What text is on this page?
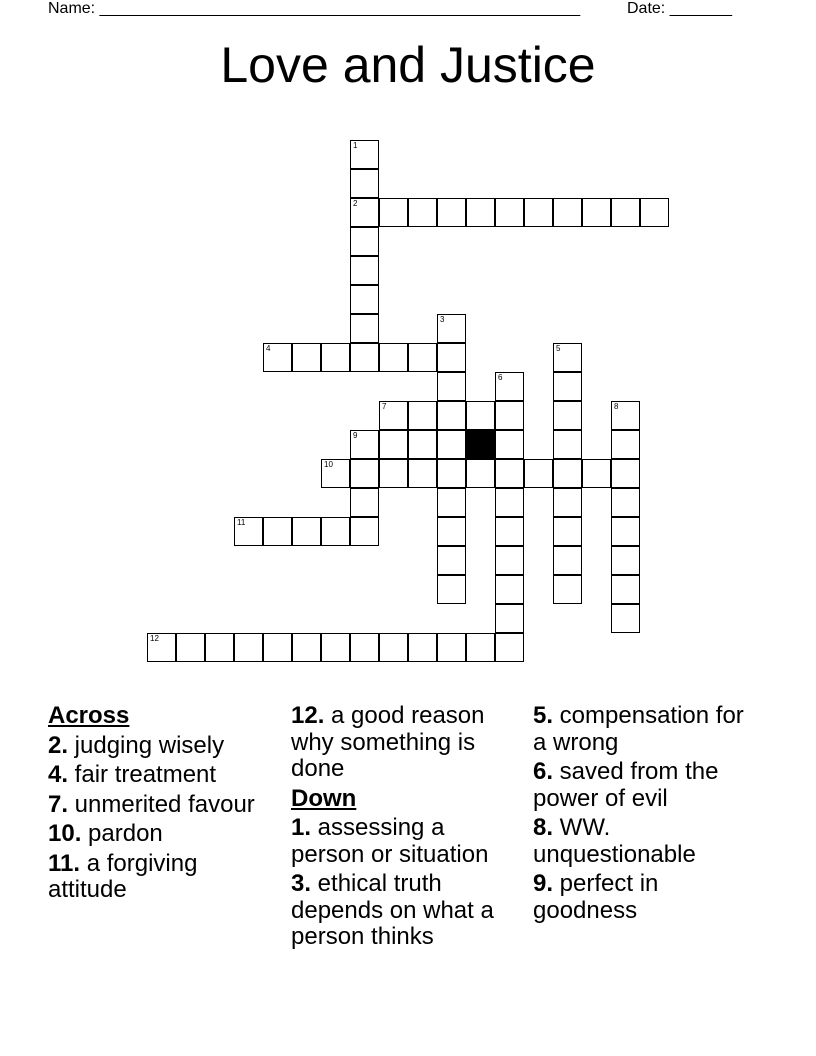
Name: ______________________________________________________	Date: _______
Love and Justice
1
2
3
4	5
6
7	8
9
10
11
12
Across
2. judging wisely
4. fair treatment
7. unmerited favour
10. pardon
11. a forgiving attitude
12. a good reason why something is done
Down
1. assessing a person or situation
3. ethical truth depends on what a person thinks
5. compensation for a wrong
6. saved from the power of evil
8. WW. unquestionable
9. perfect in goodness
